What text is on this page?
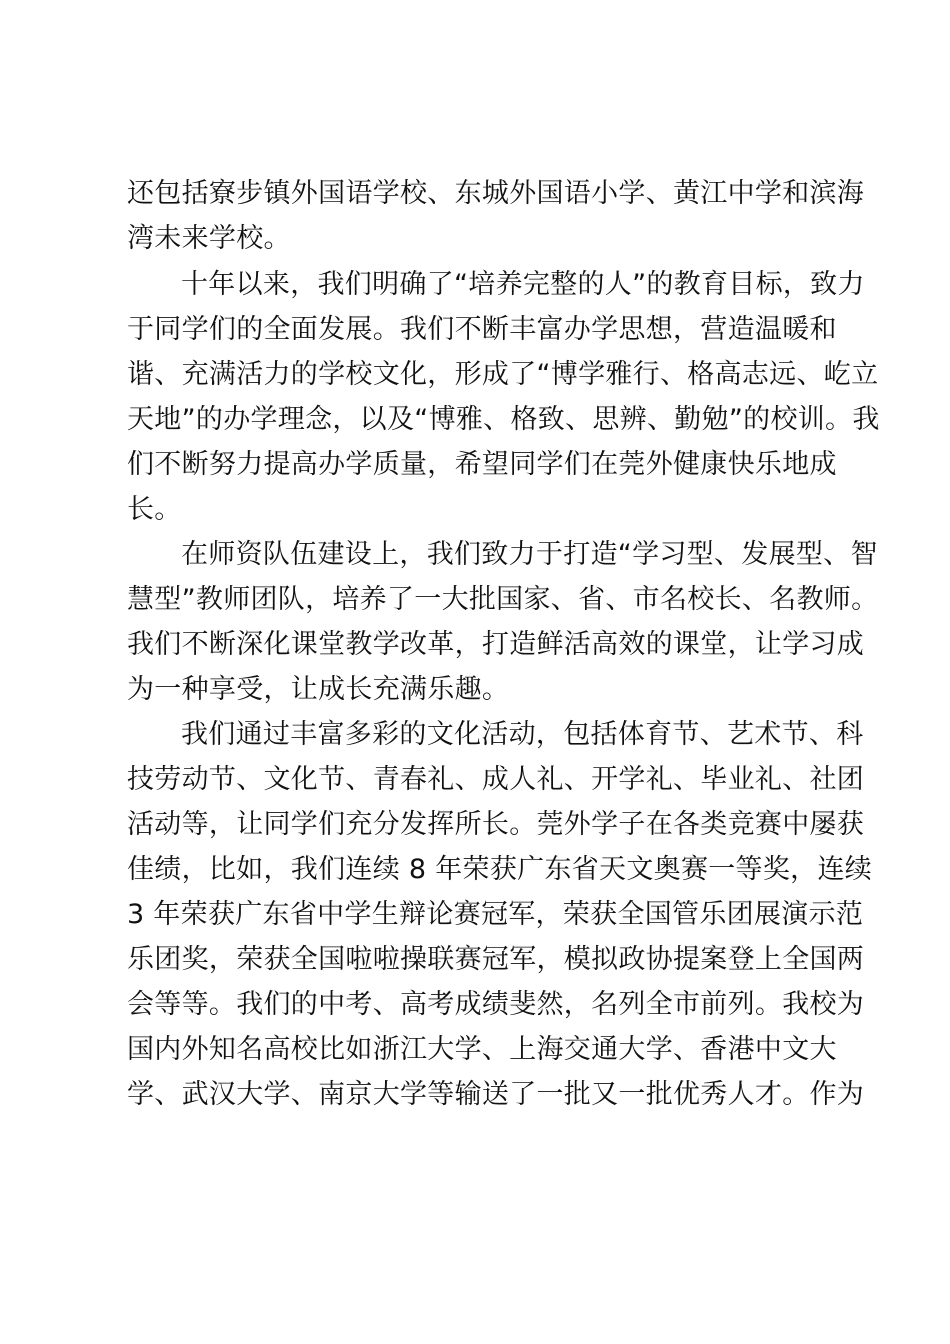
还包括寮步镇外国语学校、东城外国语小学、黄江中学和滨海
湾未来学校。
十年以来，我们明确了“培养完整的人”的教育目标，致力
于同学们的全面发展。我们不断丰富办学思想，营造温暖和
谐、充满活力的学校文化，形成了“博学雅行、格高志远、屹立
天地”的办学理念，以及“博雅、格致、思辨、勤勉”的校训。我
们不断努力提高办学质量，希望同学们在莞外健康快乐地成
长。
在师资队伍建设上，我们致力于打造“学习型、发展型、智
慧型”教师团队，培养了一大批国家、省、市名校长、名教师。
我们不断深化课堂教学改革，打造鲜活高效的课堂，让学习成
为一种享受，让成长充满乐趣。
我们通过丰富多彩的文化活动，包括体育节、艺术节、科
技劳动节、文化节、青春礼、成人礼、开学礼、毕业礼、社团
活动等，让同学们充分发挥所长。莞外学子在各类竞赛中屡获
佳绩，比如，我们连续 8 年荣获广东省天文奥赛一等奖，连续
3 年荣获广东省中学生辩论赛冠军，荣获全国管乐团展演示范
乐团奖，荣获全国啦啦操联赛冠军，模拟政协提案登上全国两
会等等。我们的中考、高考成绩斐然，名列全市前列。我校为
国内外知名高校比如浙江大学、上海交通大学、香港中文大
学、武汉大学、南京大学等输送了一批又一批优秀人才。作为
